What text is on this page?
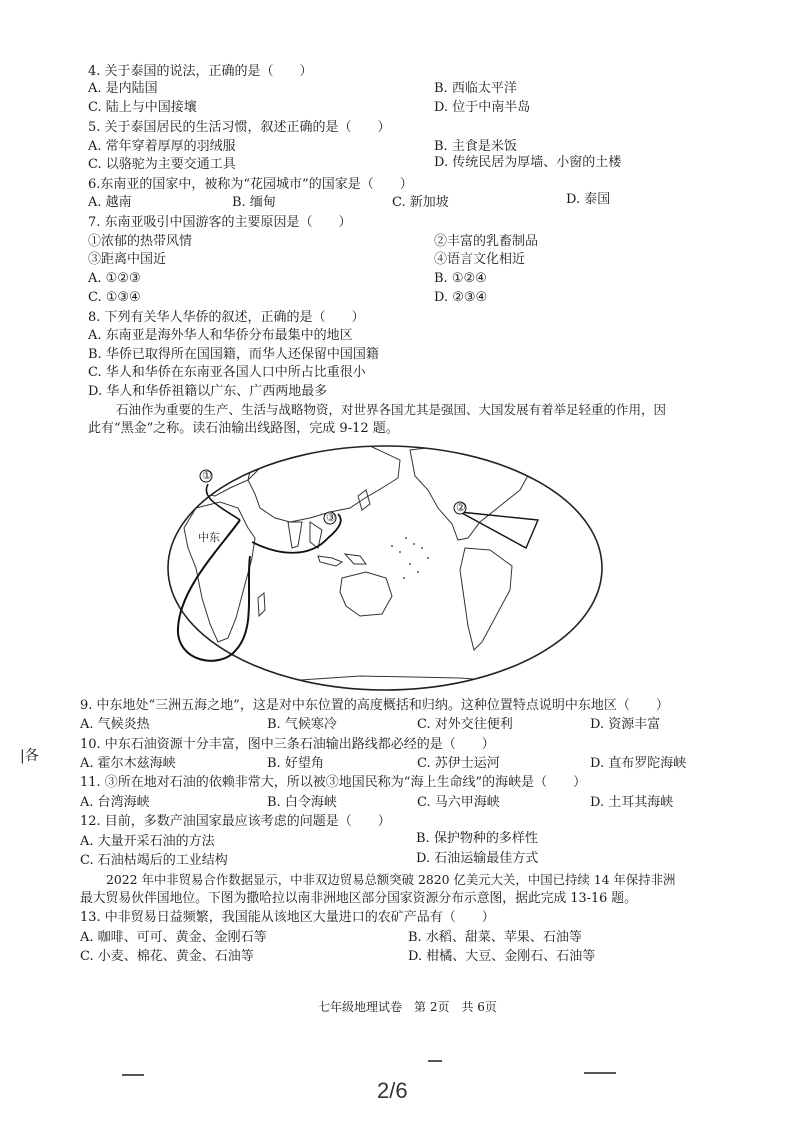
4. 关于泰国的说法，正确的是（　　）
A. 是内陆国	B. 西临太平洋
C. 陆上与中国接壤	D. 位于中南半岛
5. 关于泰国居民的生活习惯，叙述正确的是（　　）
A. 常年穿着厚厚的羽绒服	B. 主食是米饭
C. 以骆驼为主要交通工具	D. 传统民居为厚墙、小窗的土楼
6.东南亚的国家中，被称为“花园城市”的国家是（　　）
A. 越南	B. 缅甸	C. 新加坡	D. 泰国
7. 东南亚吸引中国游客的主要原因是（　　）
①浓郁的热带风情	②丰富的乳畜制品
③距离中国近	④语言文化相近
A. ①②③	B. ①②④
C. ①③④	D. ②③④
8. 下列有关华人华侨的叙述，正确的是（　　）
A. 东南亚是海外华人和华侨分布最集中的地区
B. 华侨已取得所在国国籍，而华人还保留中国国籍
C. 华人和华侨在东南亚各国人口中所占比重很小
D. 华人和华侨祖籍以广东、广西两地最多
石油作为重要的生产、生活与战略物资，对世界各国尤其是强国、大国发展有着举足轻重的作用，因
此有“黑金”之称。读石油输出线路图，完成 9-12 题。
①
②
③
中东
9. 中东地处“三洲五海之地”，这是对中东位置的高度概括和归纳。这种位置特点说明中东地区（　　）
A. 气候炎热	B. 气候寒冷	C. 对外交往便利	D. 资源丰富
10. 中东石油资源十分丰富，图中三条石油输出路线都必经的是（　　）
A. 霍尔木兹海峡	B. 好望角	C. 苏伊士运河	D. 直布罗陀海峡
11. ③所在地对石油的依赖非常大，所以被③地国民称为“海上生命线”的海峡是（　　）
A. 台湾海峡	B. 白令海峡	C. 马六甲海峡	D. 土耳其海峡
12. 目前，多数产油国家最应该考虑的问题是（　　）
A. 大量开采石油的方法	B. 保护物种的多样性
C. 石油枯竭后的工业结构	D. 石油运输最佳方式
2022 年中非贸易合作数据显示，中非双边贸易总额突破 2820 亿美元大关，中国已持续 14 年保持非洲
最大贸易伙伴国地位。下图为撒哈拉以南非洲地区部分国家资源分布示意图，据此完成 13-16 题。
13. 中非贸易日益频繁，我国能从该地区大量进口的农矿产品有（　　）
A. 咖啡、可可、黄金、金刚石等	B. 水稻、甜菜、苹果、石油等
C. 小麦、棉花、黄金、石油等	D. 柑橘、大豆、金刚石、石油等
七年级地理试卷　第 2页　共 6页
2/6
|各
